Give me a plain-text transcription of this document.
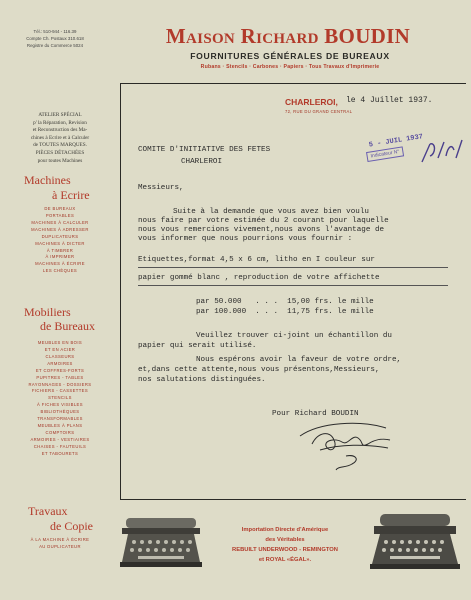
Tél.: 510-944 - 116.39
Compte Ch. Postaux 310.618
Registre du Commerce 5024	Maison Richard BOUDIN
FOURNITURES GÉNÉRALES DE BUREAUX
Rubans · Stencils · Carbones · Papiers · Tous Travaux d'Imprimerie
ATELIER SPÉCIAL
p' la Réparation, Revision
et Reconstruction des Ma-
chines à Ecrire et à Calculer
de TOUTES MARQUES.
PIÈCES DÉTACHÉES
pour toutes Machines
Machines
à Ecrire
DE BUREAUX
PORTABLES
MACHINES À CALCULER
MACHINES À ADRESSER
DUPLICATEURS
MACHINES À DICTER
À TIMBRER
À IMPRIMER
MACHINES À ÉCRIRE
LES CHÈQUES
Mobiliers
de Bureaux
MEUBLES EN BOIS
ET EN ACIER
CLASSEURS
ARMOIRES
ET COFFRES-FORTS
PUPITRES - TABLES
RAYONNAGES - DOSSIERS
FICHIERS - CASSETTES
STENCILS
À FICHES VISIBLES
BIBLIOTHÈQUES
TRANSFORMABLES
MEUBLES À PLANS
COMPTOIRS
ARMOIRES - VESTIAIRES
CHAISES - FAUTEUILS
ET TABOURETS
Travaux
de Copie
À LA MACHINE À ÉCRIRE
AU DUPLICATEUR
CHARLEROI,
72, RUE DU GRAND CENTRAL
le 4 Juillet 1937.
5 - JUIL 1937
Indicateur N°
COMITE D'INITIATIVE DES FETES
CHARLEROI
Messieurs,
Suite à la demande que vous avez bien voulu
nous faire par votre estimée du 2 courant pour laquelle
nous vous remercions vivement,nous avons l'avantage de
vous informer que nous pourrions vous fournir :
Etiquettes,format 4,5 x 6 cm, litho en I couleur sur
papier gommé blanc , reproduction de votre affichette
par 50.000   . . .  15,00 frs. le mille
par 100.000  . . .  11,75 frs. le mille
Veuillez trouver ci-joint un échantillon du
papier qui serait utilisé.
Nous espérons avoir la faveur de votre ordre,
et,dans cette attente,nous vous présentons,Messieurs,
nos salutations distinguées.
Pour Richard BOUDIN
Importation Directe d'Amérique
des Véritables
REBUILT UNDERWOOD - REMINGTON
et ROYAL «ÉGAL».
